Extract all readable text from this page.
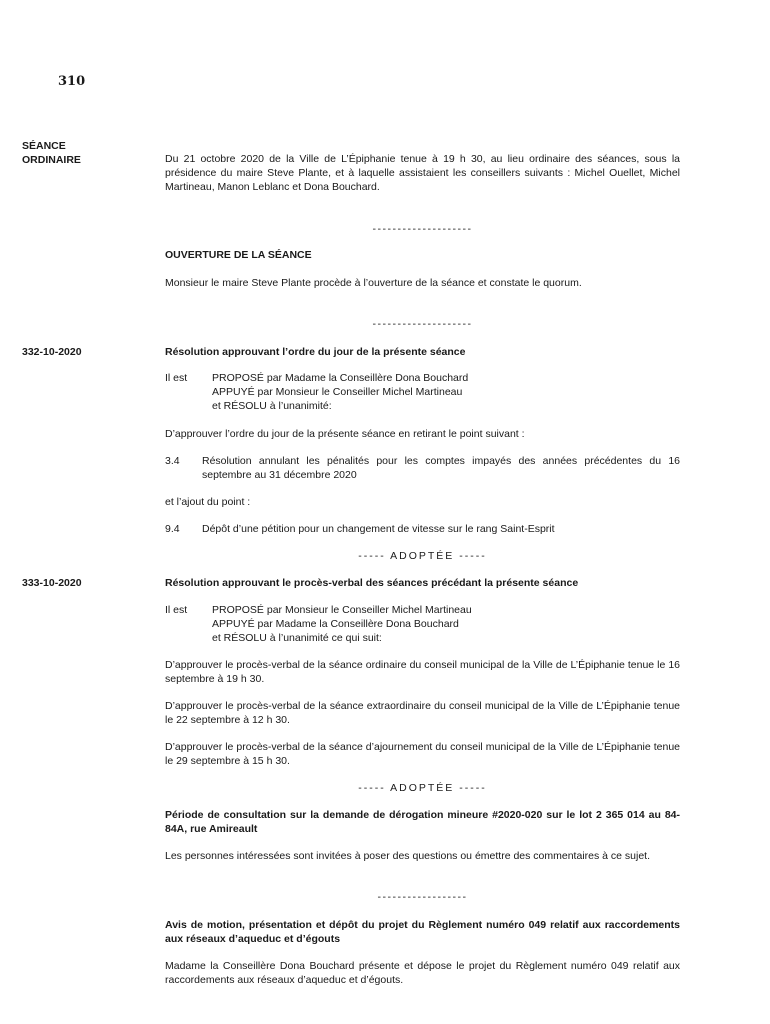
310
SÉANCE
ORDINAIRE	Du 21 octobre 2020 de la Ville de L’Épiphanie tenue à 19 h 30, au lieu ordinaire des séances, sous la présidence du maire Steve Plante, et à laquelle assistaient les conseillers suivants : Michel Ouellet, Michel Martineau, Manon Leblanc et Dona Bouchard.

--------------------

OUVERTURE DE LA SÉANCE

Monsieur le maire Steve Plante procède à l’ouverture de la séance et constate le quorum.

--------------------
332-10-2020	Résolution approuvant l’ordre du jour de la présente séance

Il est	PROPOSÉ par Madame la Conseillère Dona Bouchard
APPUYÉ par Monsieur le Conseiller Michel Martineau
et RÉSOLU à l’unanimité:

D’approuver l’ordre du jour de la présente séance en retirant le point suivant :

3.4	Résolution annulant les pénalités pour les comptes impayés des années précédentes du 16 septembre au 31 décembre 2020

et l’ajout du point :

9.4	Dépôt d’une pétition pour un changement de vitesse sur le rang Saint-Esprit
----- ADOPTÉE -----
333-10-2020	Résolution approuvant le procès-verbal des séances précédant la présente séance

Il est	PROPOSÉ par Monsieur le Conseiller Michel Martineau
APPUYÉ par Madame la Conseillère Dona Bouchard
et RÉSOLU à l’unanimité ce qui suit:

D’approuver le procès-verbal de la séance ordinaire du conseil municipal de la Ville de L’Épiphanie tenue le 16 septembre à 19 h 30.

D’approuver le procès-verbal de la séance extraordinaire du conseil municipal de la Ville de L’Épiphanie tenue le 22 septembre à 12 h 30.

D’approuver le procès-verbal de la séance d’ajournement du conseil municipal de la Ville de L’Épiphanie tenue le 29 septembre à 15 h 30.

----- ADOPTÉE -----

Période de consultation sur la demande de dérogation mineure #2020-020 sur le lot 2 365 014 au 84-84A, rue Amireault

Les personnes intéressées sont invitées à poser des questions ou émettre des commentaires à ce sujet.

------------------

Avis de motion, présentation et dépôt du projet du Règlement numéro 049 relatif aux raccordements aux réseaux d’aqueduc et d’égouts

Madame la Conseillère Dona Bouchard présente et dépose le projet du Règlement numéro 049 relatif aux raccordements aux réseaux d’aqueduc et d’égouts.
